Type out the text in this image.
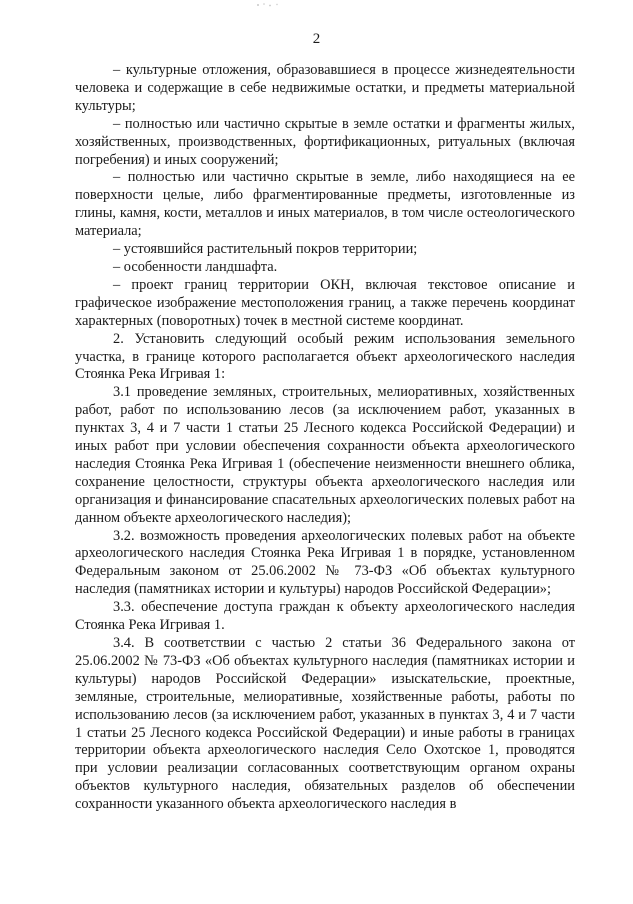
2

– культурные отложения, образовавшиеся в процессе жизнедеятельности человека и содержащие в себе недвижимые остатки, и предметы материальной культуры;

– полностью или частично скрытые в земле остатки и фрагменты жилых, хозяйственных, производственных, фортификационных, ритуальных (включая погребения) и иных сооружений;

– полностью или частично скрытые в земле, либо находящиеся на ее поверхности целые, либо фрагментированные предметы, изготовленные из глины, камня, кости, металлов и иных материалов, в том числе остеологического материала;

– устоявшийся растительный покров территории;

– особенности ландшафта.

– проект границ территории ОКН, включая текстовое описание и графическое изображение местоположения границ, а также перечень координат характерных (поворотных) точек в местной системе координат.

2. Установить следующий особый режим использования земельного участка, в границе которого располагается объект археологического наследия Стоянка Река Игривая 1:

3.1 проведение земляных, строительных, мелиоративных, хозяйственных работ, работ по использованию лесов (за исключением работ, указанных в пунктах 3, 4 и 7 части 1 статьи 25 Лесного кодекса Российской Федерации) и иных работ при условии обеспечения сохранности объекта археологического наследия Стоянка Река Игривая 1 (обеспечение неизменности внешнего облика, сохранение целостности, структуры объекта археологического наследия или организация и финансирование спасательных археологических полевых работ на данном объекте археологического наследия);

3.2. возможность проведения археологических полевых работ на объекте археологического наследия Стоянка Река Игривая 1 в порядке, установленном Федеральным законом от 25.06.2002 № 73-ФЗ «Об объектах культурного наследия (памятниках истории и культуры) народов Российской Федерации»;

3.3. обеспечение доступа граждан к объекту археологического наследия Стоянка Река Игривая 1.

3.4. В соответствии с частью 2 статьи 36 Федерального закона от 25.06.2002 № 73-ФЗ «Об объектах культурного наследия (памятниках истории и культуры) народов Российской Федерации» изыскательские, проектные, земляные, строительные, мелиоративные, хозяйственные работы, работы по использованию лесов (за исключением работ, указанных в пунктах 3, 4 и 7 части 1 статьи 25 Лесного кодекса Российской Федерации) и иные работы в границах территории объекта археологического наследия Село Охотское 1, проводятся при условии реализации согласованных соответствующим органом охраны объектов культурного наследия, обязательных разделов об обеспечении сохранности указанного объекта археологического наследия в
